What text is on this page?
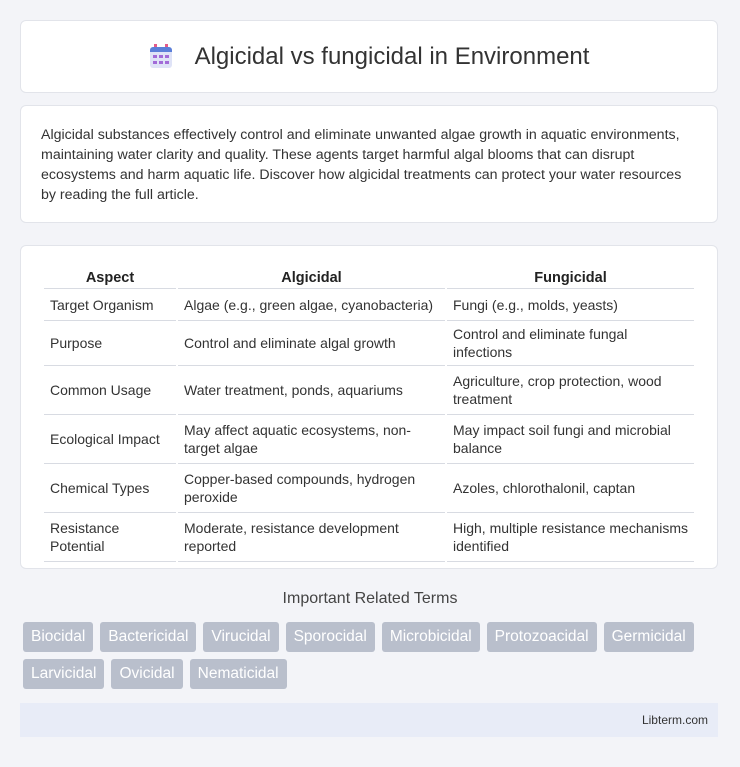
Algicidal vs fungicidal in Environment

Algicidal substances effectively control and eliminate unwanted algae growth in aquatic environments, maintaining water clarity and quality. These agents target harmful algal blooms that can disrupt ecosystems and harm aquatic life. Discover how algicidal treatments can protect your water resources by reading the full article.

Aspect	Algicidal	Fungicidal
Target Organism	Algae (e.g., green algae, cyanobacteria)	Fungi (e.g., molds, yeasts)
Purpose	Control and eliminate algal growth	Control and eliminate fungal infections
Common Usage	Water treatment, ponds, aquariums	Agriculture, crop protection, wood treatment
Ecological Impact	May affect aquatic ecosystems, non-target algae	May impact soil fungi and microbial balance
Chemical Types	Copper-based compounds, hydrogen peroxide	Azoles, chlorothalonil, captan
Resistance Potential	Moderate, resistance development reported	High, multiple resistance mechanisms identified
Important Related Terms
Biocidal	Bactericidal	Virucidal	Sporocidal	Microbicidal	Protozoacidal	Germicidal
Larvicidal	Ovicidal	Nematicidal
Libterm.com
